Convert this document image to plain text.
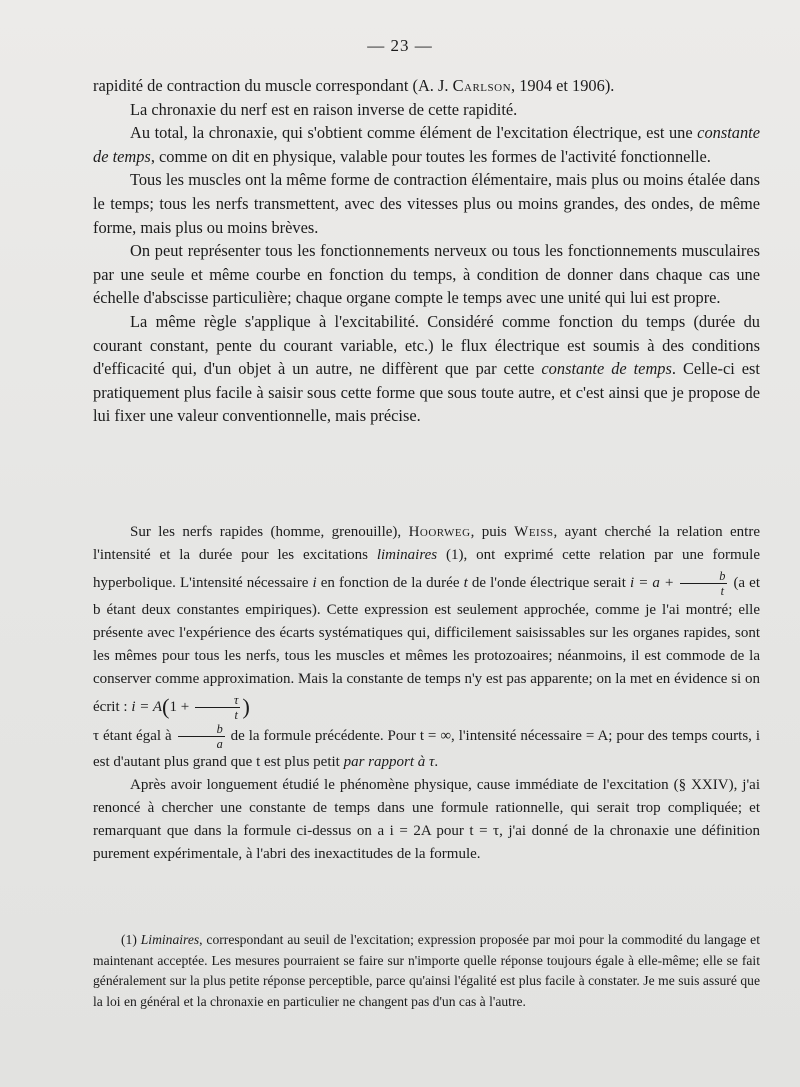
— 23 —

rapidité de contraction du muscle correspondant (A. J. Carlson, 1904 et 1906).

La chronaxie du nerf est en raison inverse de cette rapidité.

Au total, la chronaxie, qui s'obtient comme élément de l'excitation électrique, est une constante de temps, comme on dit en physique, valable pour toutes les formes de l'activité fonctionnelle.

Tous les muscles ont la même forme de contraction élémentaire, mais plus ou moins étalée dans le temps; tous les nerfs transmettent, avec des vitesses plus ou moins grandes, des ondes, de même forme, mais plus ou moins brèves.

On peut représenter tous les fonctionnements nerveux ou tous les fonctionnements musculaires par une seule et même courbe en fonction du temps, à condition de donner dans chaque cas une échelle d'abscisse particulière; chaque organe compte le temps avec une unité qui lui est propre.

La même règle s'applique à l'excitabilité. Considéré comme fonction du temps (durée du courant constant, pente du courant variable, etc.) le flux électrique est soumis à des conditions d'efficacité qui, d'un objet à un autre, ne diffèrent que par cette constante de temps. Celle-ci est pratiquement plus facile à saisir sous cette forme que sous toute autre, et c'est ainsi que je propose de lui fixer une valeur conventionnelle, mais précise.

Sur les nerfs rapides (homme, grenouille), Hoorweg, puis Weiss, ayant cherché la relation entre l'intensité et la durée pour les excitations liminaires (1), ont exprimé cette relation par une formule hyperbolique. L'intensité nécessaire i en fonction de la durée t de l'onde électrique serait $i = a + \frac{b}{t} (a$ et b étant deux constantes empiriques). Cette expression est seulement approchée, comme je l'ai montré; elle présente avec l'expérience des écarts systématiques qui, difficilement saisissables sur les organes rapides, sont les mêmes pour tous les nerfs, tous les muscles et mêmes les protozoaires; néanmoins, il est commode de la conserver comme approximation. Mais la constante de temps n'y est pas apparente; on la met en évidence si on écrit : $i = A(1 + \frac{\tau}{t}$ )
τ étant égal à $\frac{b}{a}$ de la formule précédente. Pour t = ∞, l'intensité nécessaire = A; pour des temps courts, i est d'autant plus grand que t est plus petit par rapport à τ.

Après avoir longuement étudié le phénomène physique, cause immédiate de l'excitation (§ XXIV), j'ai renoncé à chercher une constante de temps dans une formule rationnelle, qui serait trop compliquée; et remarquant que dans la formule ci-dessus on a i = 2A pour t = τ, j'ai donné de la chronaxie une définition purement expérimentale, à l'abri des inexactitudes de la formule.

(1) Liminaires, correspondant au seuil de l'excitation; expression proposée par moi pour la commodité du langage et maintenant acceptée. Les mesures pourraient se faire sur n'importe quelle réponse toujours égale à elle-même; elle se fait généralement sur la plus petite réponse perceptible, parce qu'ainsi l'égalité est plus facile à constater. Je me suis assuré que la loi en général et la chronaxie en particulier ne changent pas d'un cas à l'autre.
